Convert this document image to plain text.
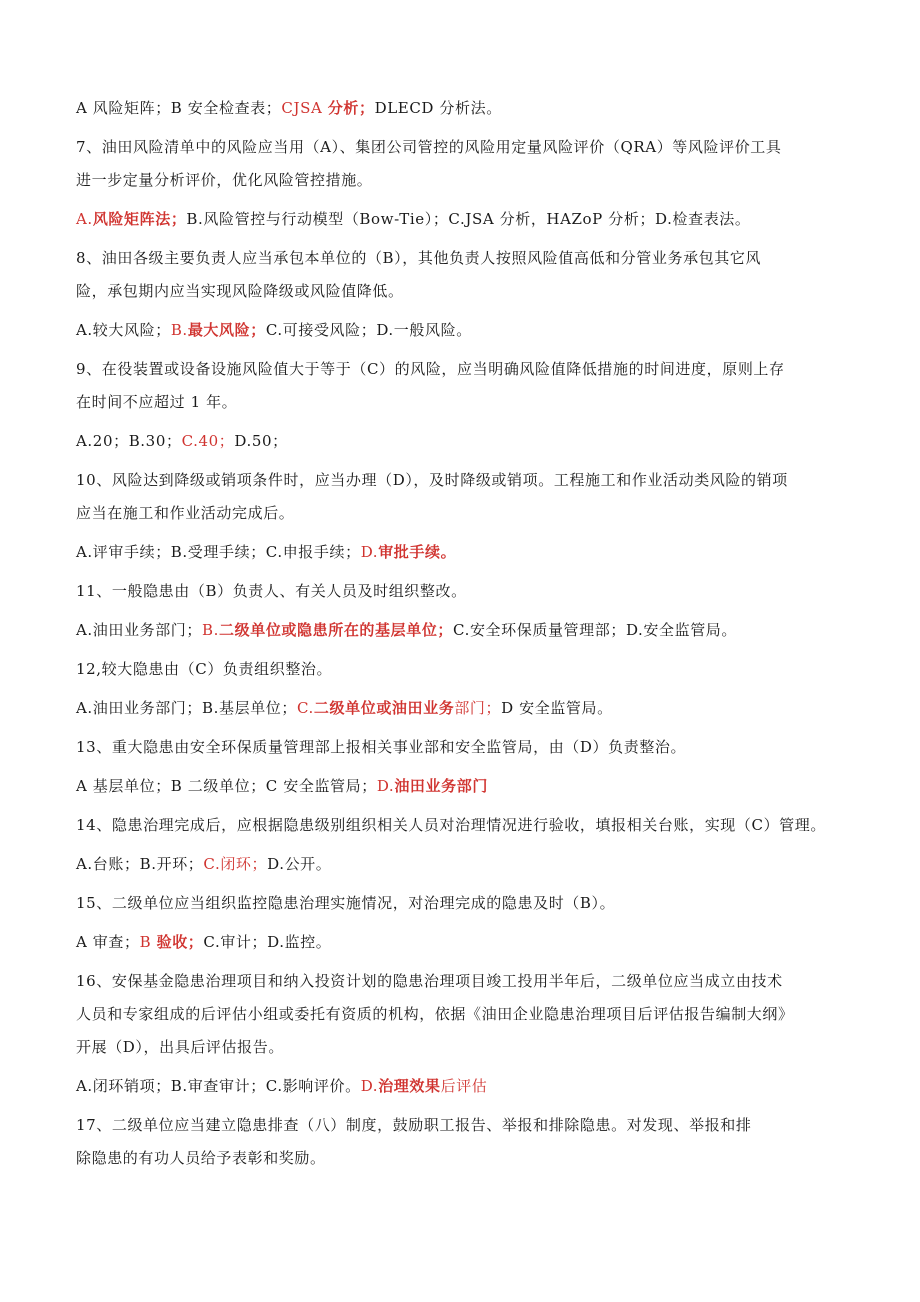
A 风险矩阵；B 安全检查表；CJSA 分析；DLECD 分析法。
7、油田风险清单中的风险应当用（A）、集团公司管控的风险用定量风险评价（QRA）等风险评价工具
进一步定量分析评价，优化风险管控措施。
A.风险矩阵法；B.风险管控与行动模型（Bow-Tie）；C.JSA 分析，HAZoP 分析；D.检查表法。
8、油田各级主要负责人应当承包本单位的（B），其他负责人按照风险值高低和分管业务承包其它风
险，承包期内应当实现风险降级或风险值降低。
A.较大风险；B.最大风险；C.可接受风险；D.一般风险。
9、在役装置或设备设施风险值大于等于（C）的风险，应当明确风险值降低措施的时间进度，原则上存
在时间不应超过 1 年。
A.20；B.30；C.40；D.50；
10、风险达到降级或销项条件时，应当办理（D），及时降级或销项。工程施工和作业活动类风险的销项
应当在施工和作业活动完成后。
A.评审手续；B.受理手续；C.申报手续；D.审批手续。
11、一般隐患由（B）负责人、有关人员及时组织整改。
A.油田业务部门；B.二级单位或隐患所在的基层单位；C.安全环保质量管理部；D.安全监管局。
12,较大隐患由（C）负责组织整治。
A.油田业务部门；B.基层单位；C.二级单位或油田业务部门；D 安全监管局。
13、重大隐患由安全环保质量管理部上报相关事业部和安全监管局，由（D）负责整治。
A 基层单位；B 二级单位；C 安全监管局；D.油田业务部门
14、隐患治理完成后，应根据隐患级别组织相关人员对治理情况进行验收，填报相关台账，实现（C）管理。
A.台账；B.开环；C.闭环；D.公开。
15、二级单位应当组织监控隐患治理实施情况，对治理完成的隐患及时（B）。
A 审查；B 验收；C.审计；D.监控。
16、安保基金隐患治理项目和纳入投资计划的隐患治理项目竣工投用半年后，二级单位应当成立由技术
人员和专家组成的后评估小组或委托有资质的机构，依据《油田企业隐患治理项目后评估报告编制大纲》
开展（D），出具后评估报告。
A.闭环销项；B.审查审计；C.影响评价。D.治理效果后评估
17、二级单位应当建立隐患排查（八）制度，鼓励职工报告、举报和排除隐患。对发现、举报和排
除隐患的有功人员给予表彰和奖励。
